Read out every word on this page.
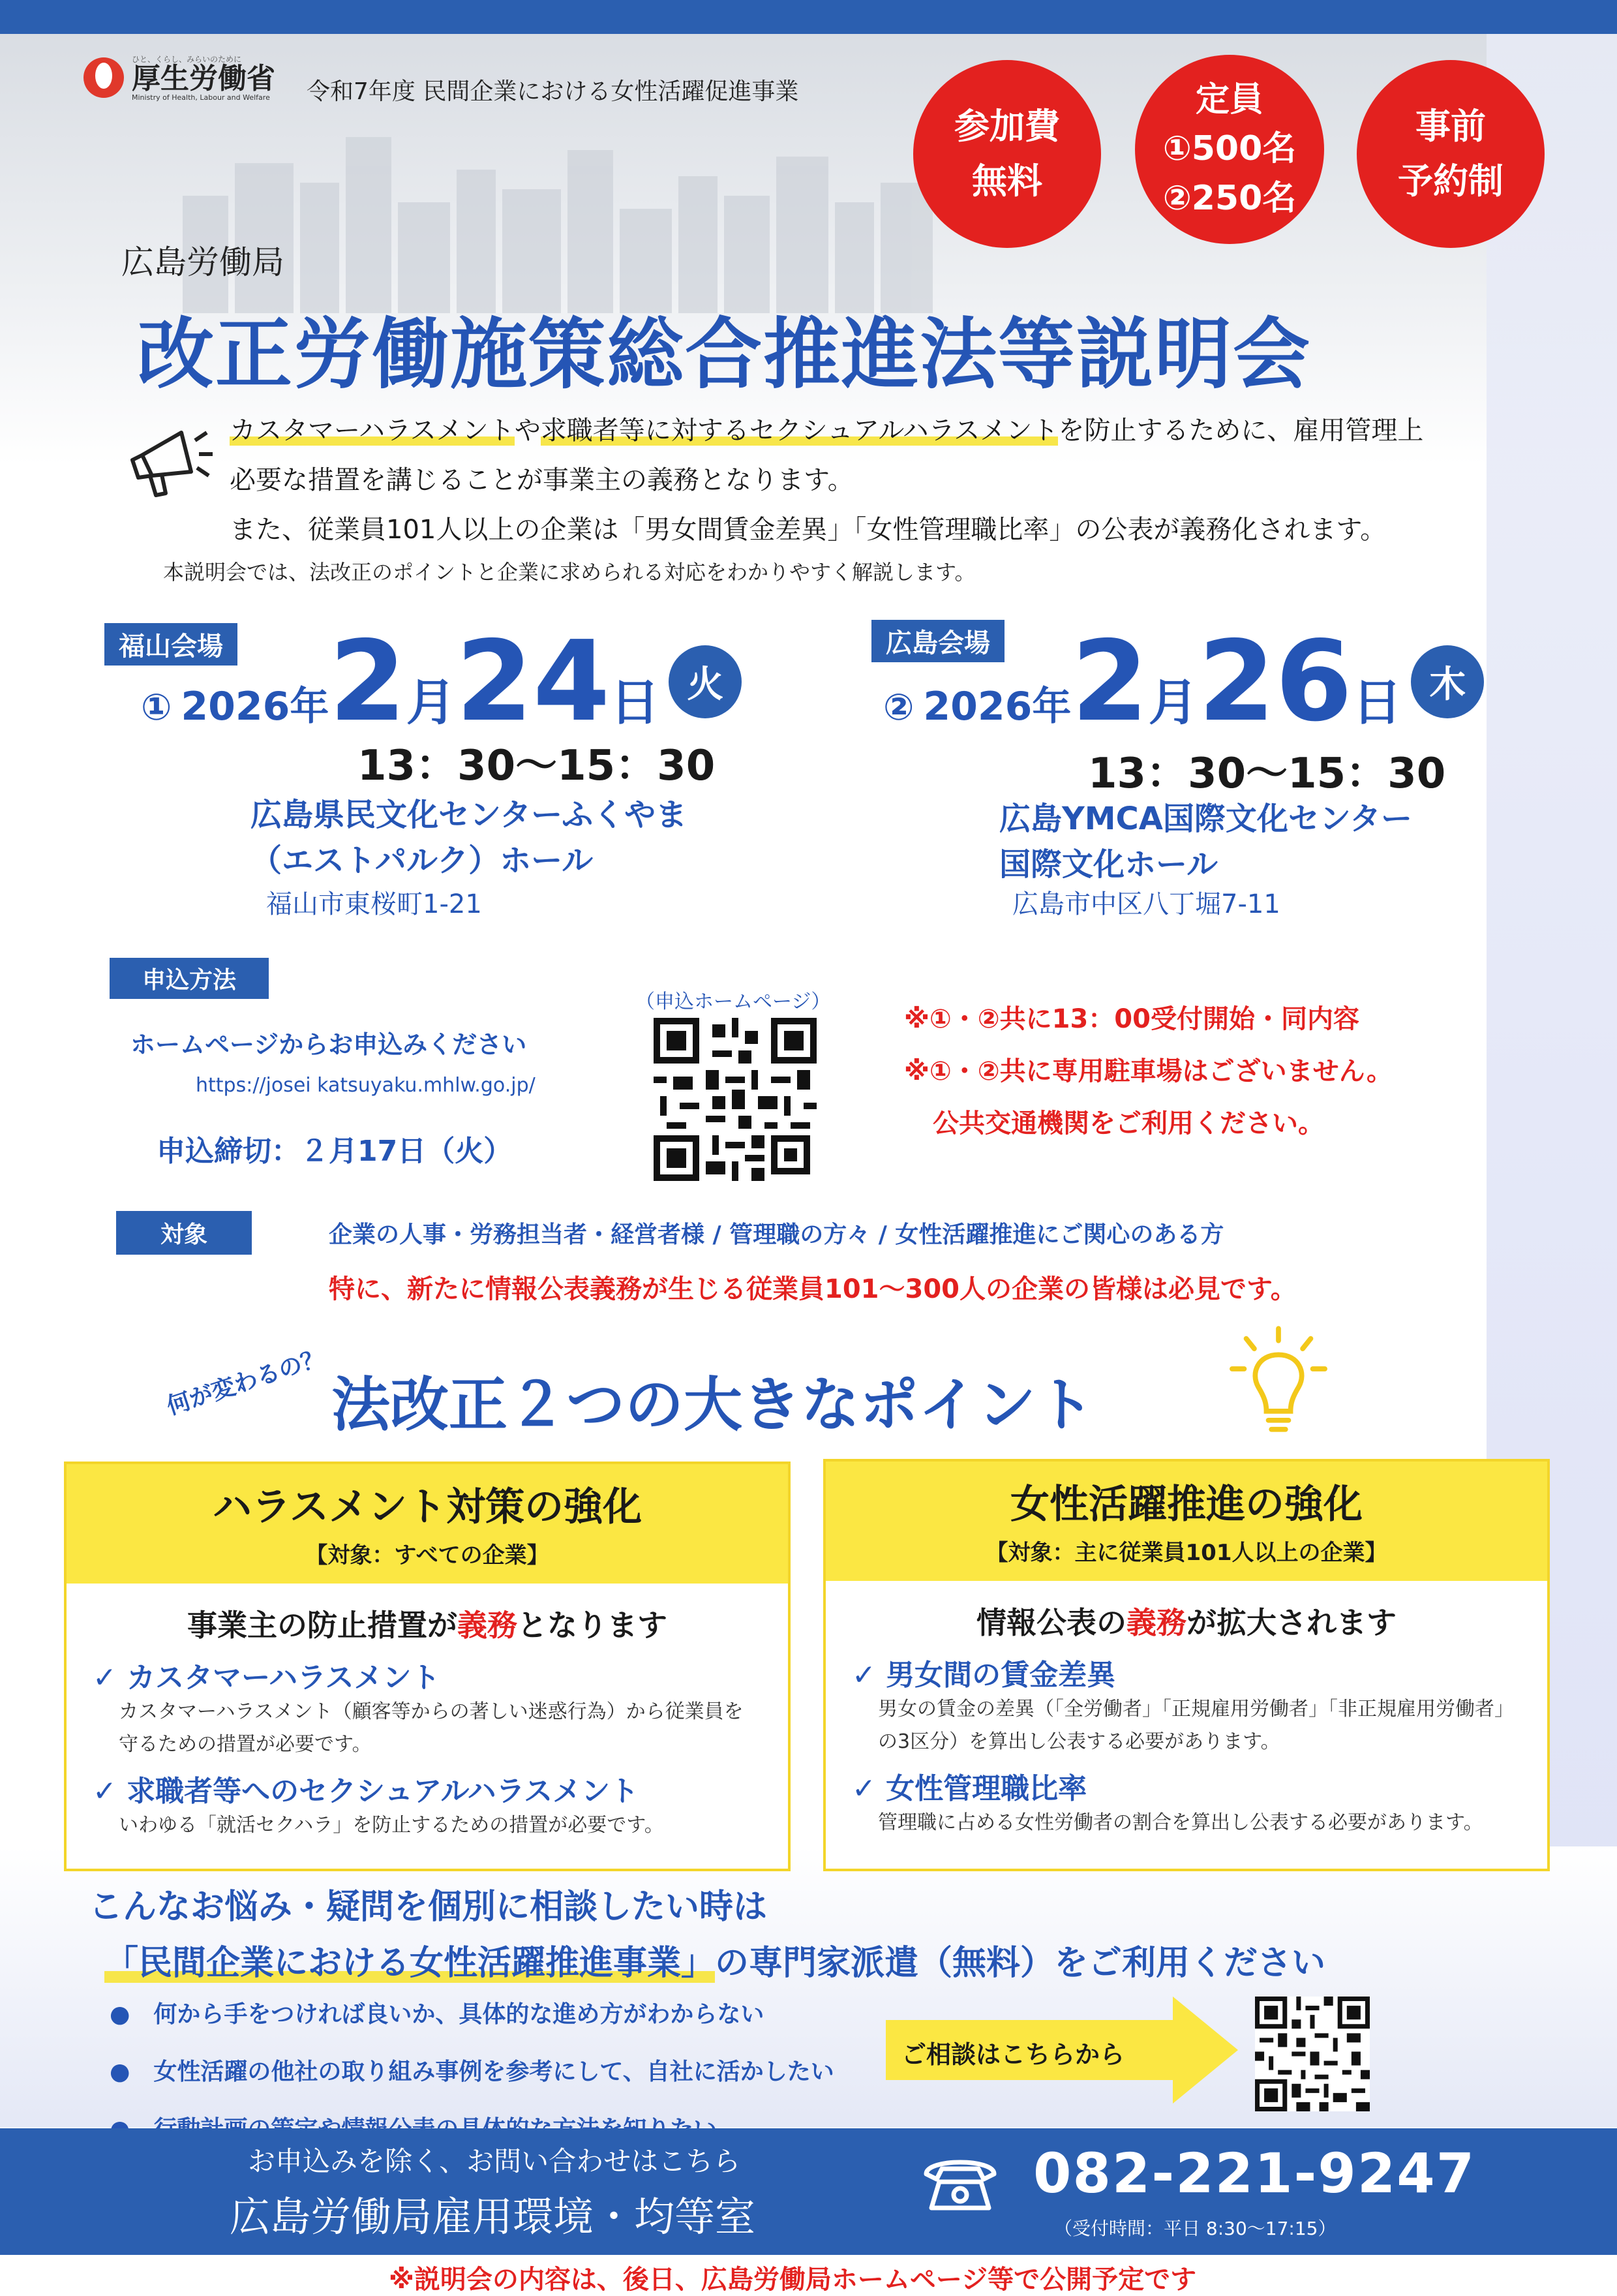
ひと、くらし、みらいのために
厚生労働省
Ministry of Health, Labour and Welfare 令和7年度 民間企業における女性活躍促進事業
参加費
無料
定員
①500名
②250名
事前
予約制
広島労働局
改正労働施策総合推進法等説明会
カスタマーハラスメントや求職者等に対するセクシュアルハラスメントを防止するために、雇用管理上
必要な措置を講じることが事業主の義務となります。
また、従業員101人以上の企業は「男女間賃金差異」「女性管理職比率」の公表が義務化されます。
本説明会では、法改正のポイントと企業に求められる対応をわかりやすく解説します。
福山会場
① 2026年 2 月 24 日 火
13：30〜15：30
広島県民文化センターふくやま
（エストパルク）ホール
福山市東桜町1-21
広島会場
② 2026年 2 月 26 日 木
13：30〜15：30
広島YMCA国際文化センター
国際文化ホール
広島市中区八丁堀7-11
申込方法
ホームページからお申込みください
https://josei katsuyaku.mhlw.go.jp/
申込締切：２月17日（火）
（申込ホームページ）
※①・②共に13：00受付開始・同内容
※①・②共に専用駐車場はございません。
公共交通機関をご利用ください。
対象	企業の人事・労務担当者・経営者様 / 管理職の方々 / 女性活躍推進にご関心のある方
特に、新たに情報公表義務が生じる従業員101〜300人の企業の皆様は必見です。
何が変わるの？ 法改正２つの大きなポイント
ハラスメント対策の強化
【対象：すべての企業】
事業主の防止措置が義務となります
✓ カスタマーハラスメント
カスタマーハラスメント（顧客等からの著しい迷惑行為）から従業員を守るための措置が必要です。
✓ 求職者等へのセクシュアルハラスメント
いわゆる「就活セクハラ」を防止するための措置が必要です。
女性活躍推進の強化
【対象：主に従業員101人以上の企業】
情報公表の義務が拡大されます
✓ 男女間の賃金差異
男女の賃金の差異（「全労働者」「正規雇用労働者」「非正規雇用労働者」の3区分）を算出し公表する必要があります。
✓ 女性管理職比率
管理職に占める女性労働者の割合を算出し公表する必要があります。
こんなお悩み・疑問を個別に相談したい時は
「民間企業における女性活躍推進事業」の専門家派遣（無料）をご利用ください
●　何から手をつければ良いか、具体的な進め方がわからない
●　女性活躍の他社の取り組み事例を参考にして、自社に活かしたい
ご相談はこちらから
お申込みを除く、お問い合わせはこちら
広島労働局雇用環境・均等室
082-221-9247
（受付時間：平日 8:30〜17:15）
※説明会の内容は、後日、広島労働局ホームページ等で公開予定です
